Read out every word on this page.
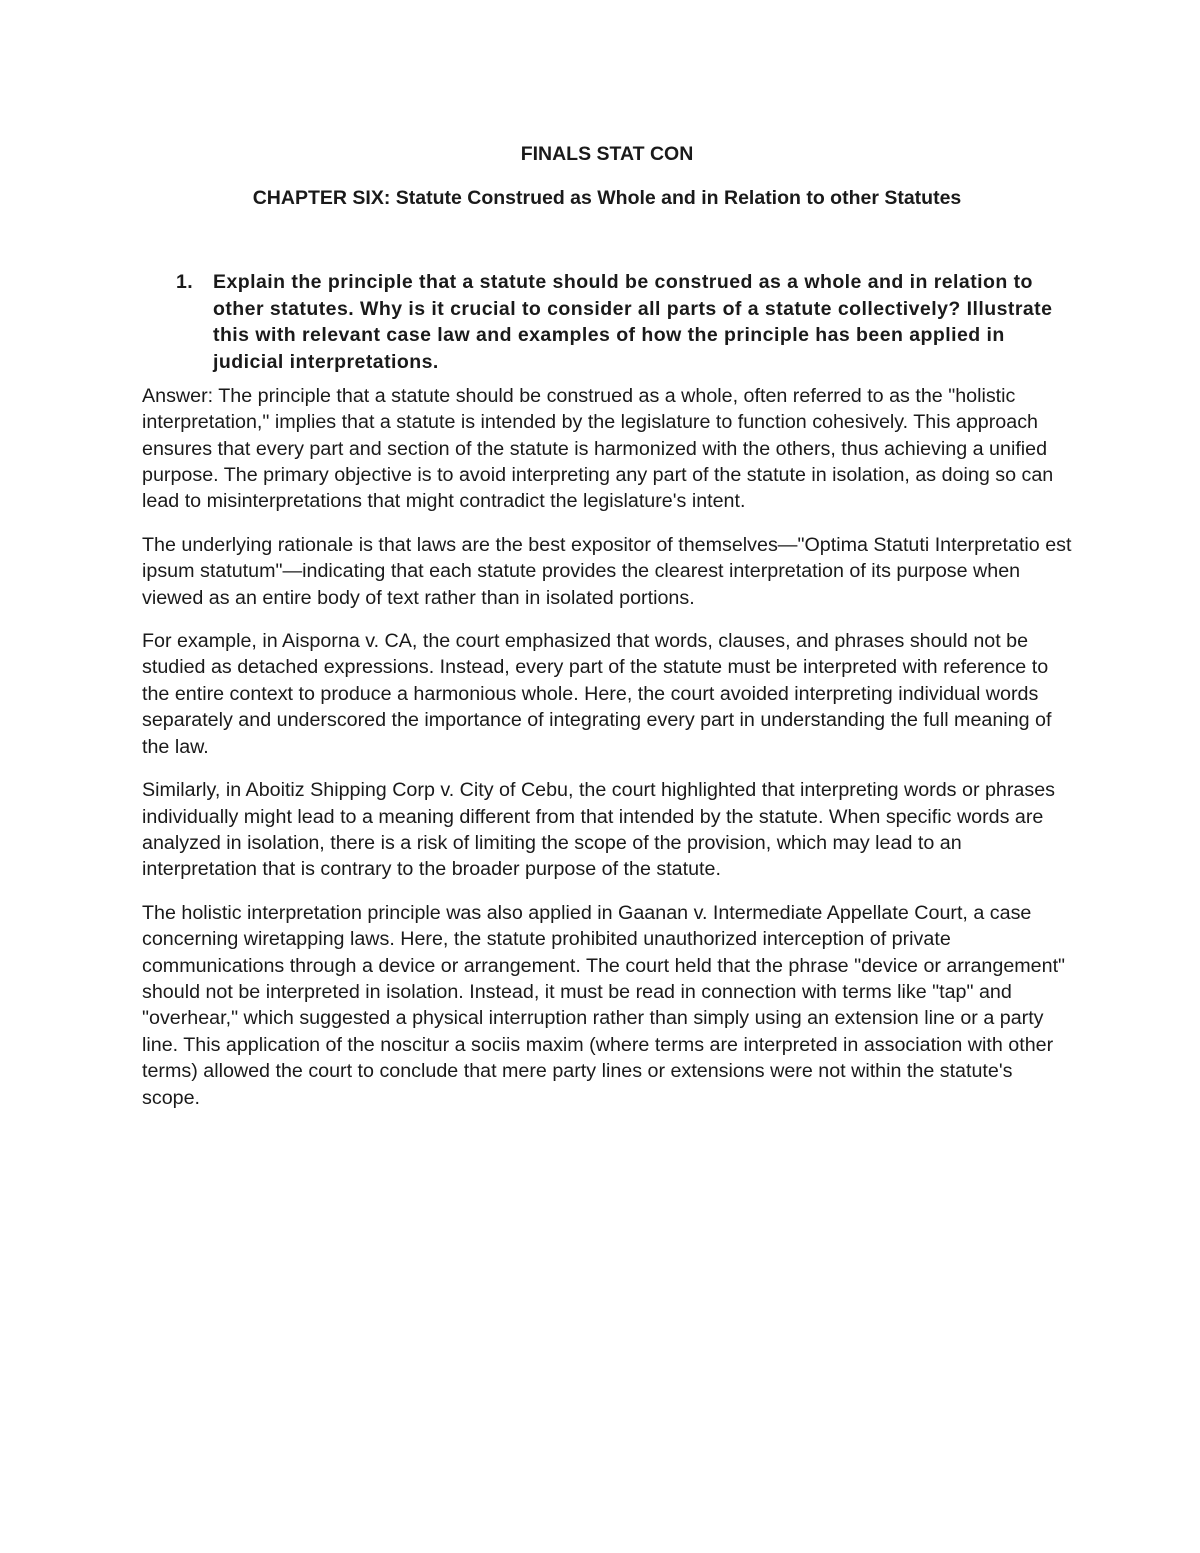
FINALS STAT CON
CHAPTER SIX: Statute Construed as Whole and in Relation to other Statutes
1. Explain the principle that a statute should be construed as a whole and in relation to other statutes. Why is it crucial to consider all parts of a statute collectively? Illustrate this with relevant case law and examples of how the principle has been applied in judicial interpretations.

Answer: The principle that a statute should be construed as a whole, often referred to as the "holistic interpretation," implies that a statute is intended by the legislature to function cohesively. This approach ensures that every part and section of the statute is harmonized with the others, thus achieving a unified purpose. The primary objective is to avoid interpreting any part of the statute in isolation, as doing so can lead to misinterpretations that might contradict the legislature's intent.

The underlying rationale is that laws are the best expositor of themselves—"Optima Statuti Interpretatio est ipsum statutum"—indicating that each statute provides the clearest interpretation of its purpose when viewed as an entire body of text rather than in isolated portions.

For example, in Aisporna v. CA, the court emphasized that words, clauses, and phrases should not be studied as detached expressions. Instead, every part of the statute must be interpreted with reference to the entire context to produce a harmonious whole. Here, the court avoided interpreting individual words separately and underscored the importance of integrating every part in understanding the full meaning of the law.

Similarly, in Aboitiz Shipping Corp v. City of Cebu, the court highlighted that interpreting words or phrases individually might lead to a meaning different from that intended by the statute. When specific words are analyzed in isolation, there is a risk of limiting the scope of the provision, which may lead to an interpretation that is contrary to the broader purpose of the statute.

The holistic interpretation principle was also applied in Gaanan v. Intermediate Appellate Court, a case concerning wiretapping laws. Here, the statute prohibited unauthorized interception of private communications through a device or arrangement. The court held that the phrase "device or arrangement" should not be interpreted in isolation. Instead, it must be read in connection with terms like "tap" and "overhear," which suggested a physical interruption rather than simply using an extension line or a party line. This application of the noscitur a sociis maxim (where terms are interpreted in association with other terms) allowed the court to conclude that mere party lines or extensions were not within the statute's scope.
